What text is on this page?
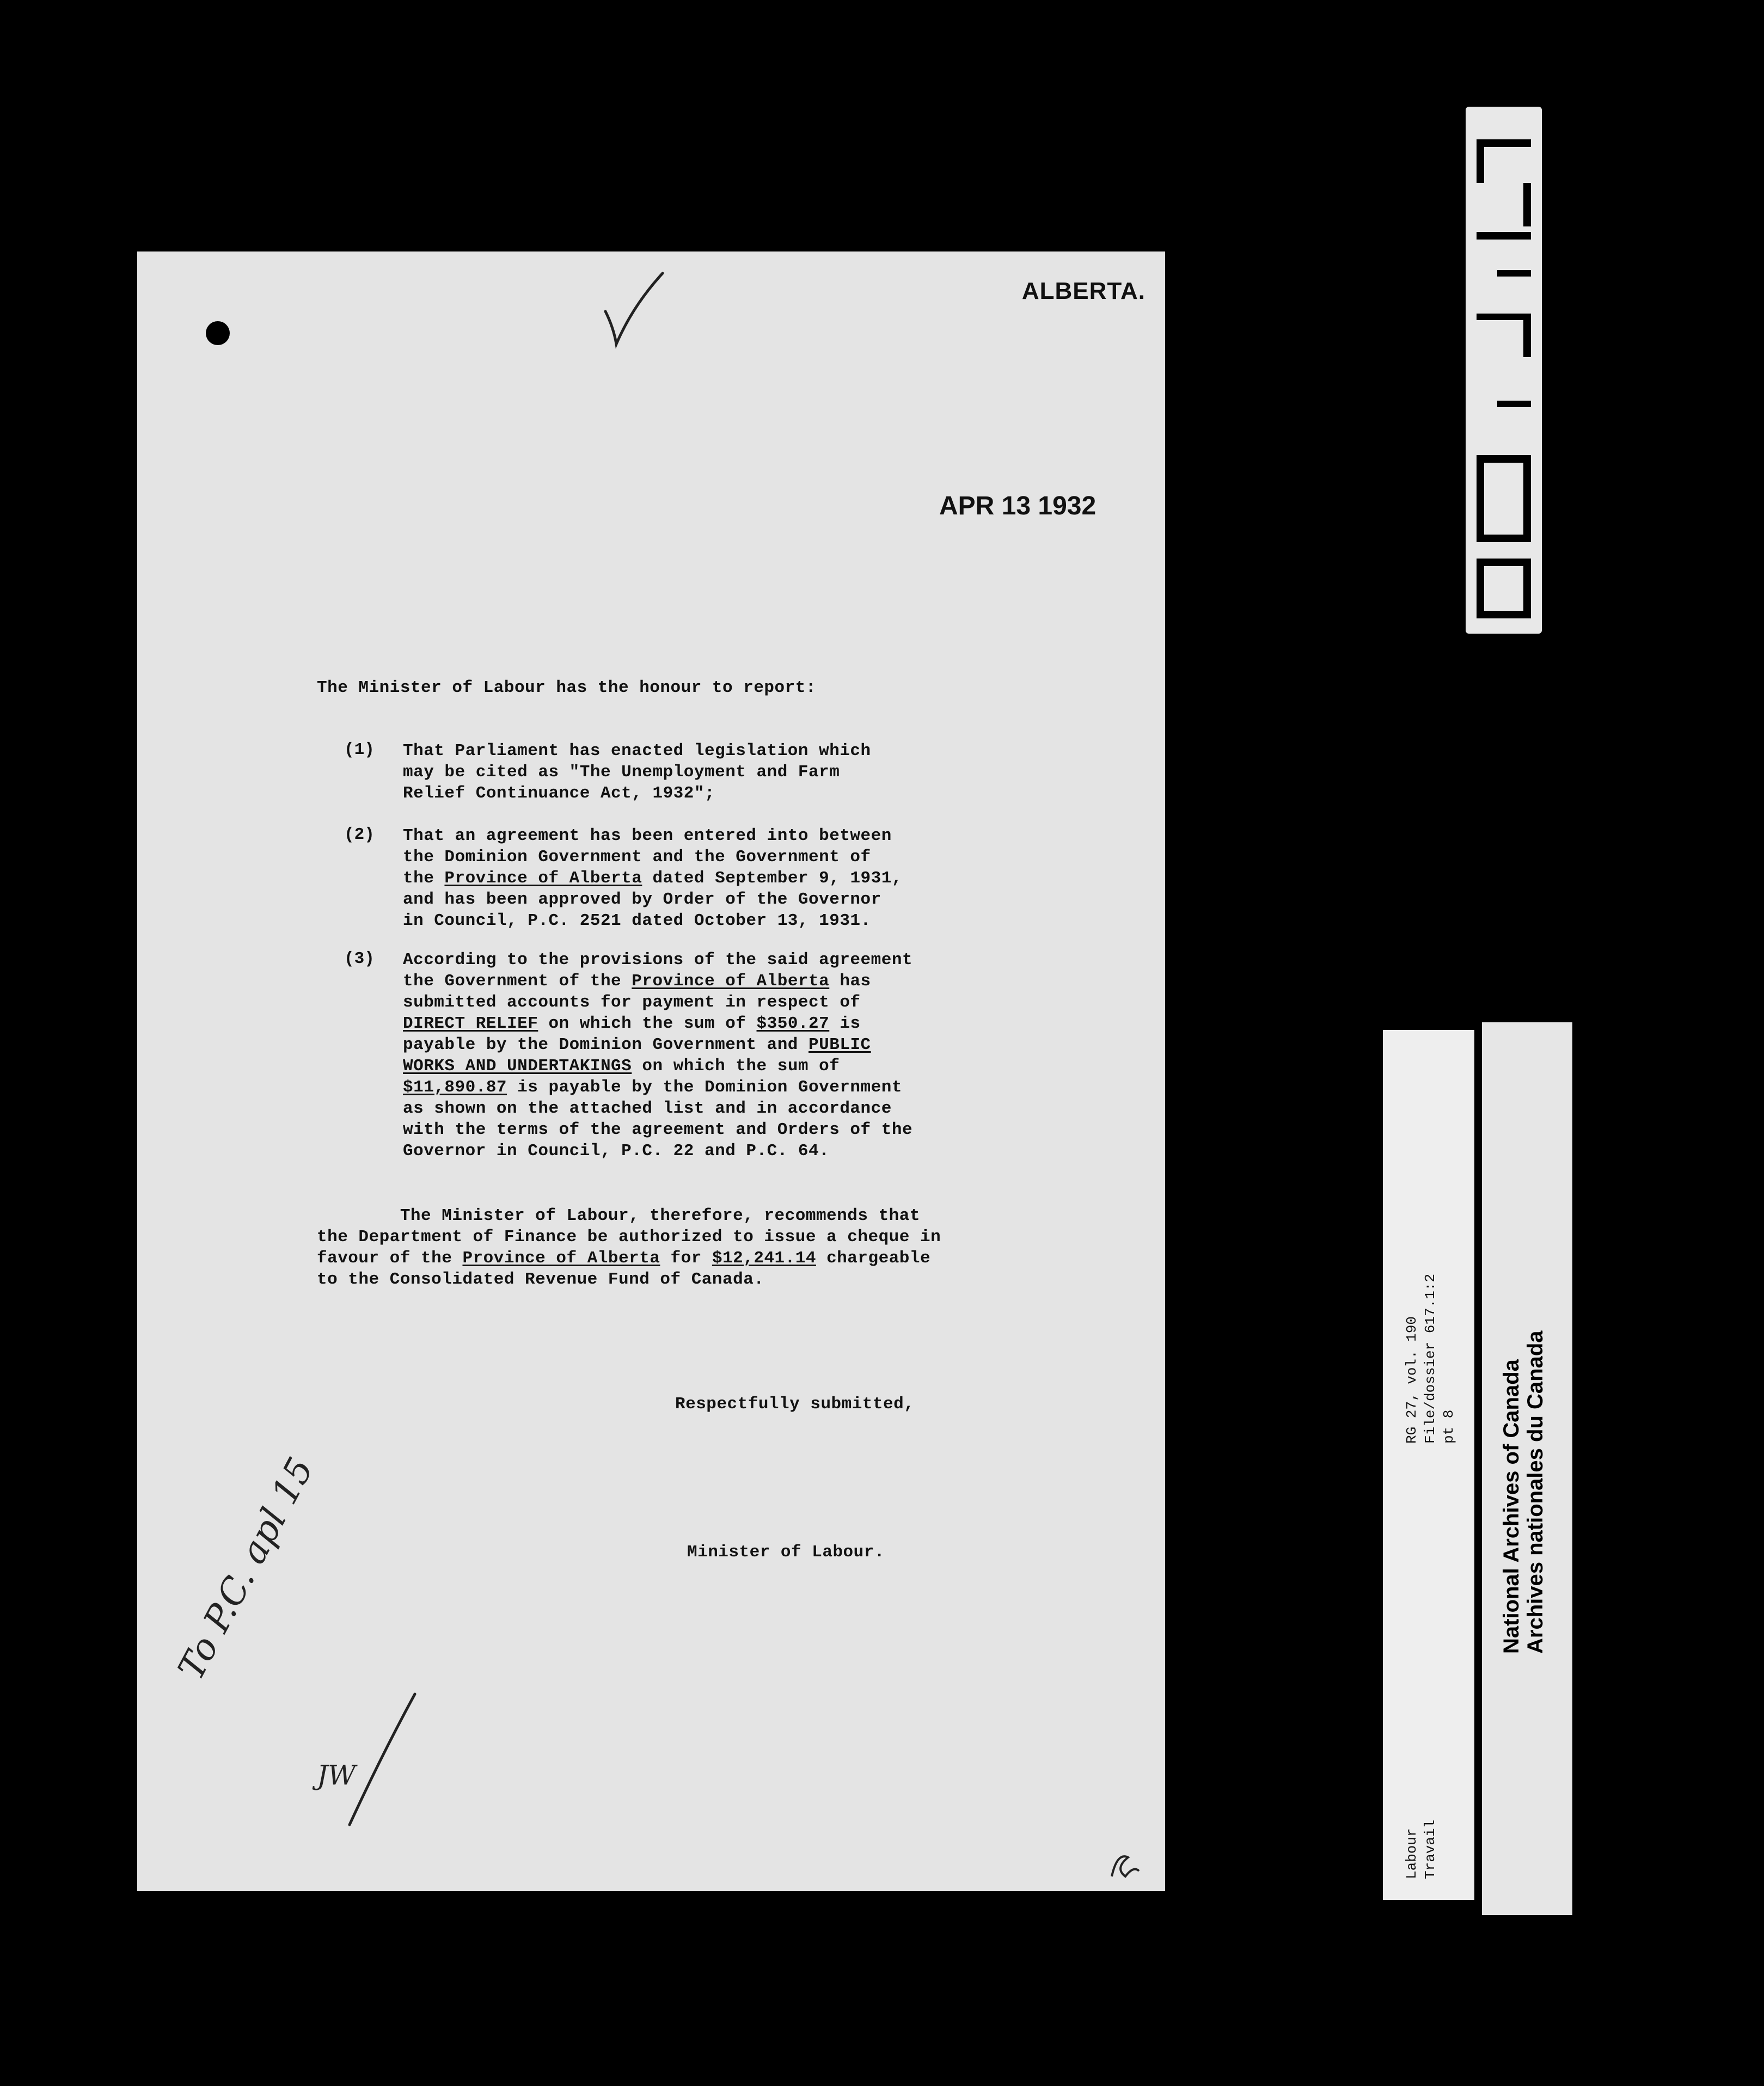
ALBERTA.
APR 13 1932
The Minister of Labour has the honour to report:
(1) That Parliament has enacted legislation which
may be cited as "The Unemployment and Farm
Relief Continuance Act, 1932";
(2) That an agreement has been entered into between
the Dominion Government and the Government of
the Province of Alberta dated September 9, 1931,
and has been approved by Order of the Governor
in Council, P.C. 2521 dated October 13, 1931.
(3) According to the provisions of the said agreement
the Government of the Province of Alberta has
submitted accounts for payment in respect of
DIRECT RELIEF on which the sum of $350.27 is
payable by the Dominion Government and PUBLIC
WORKS AND UNDERTAKINGS on which the sum of
$11,890.87 is payable by the Dominion Government
as shown on the attached list and in accordance
with the terms of the agreement and Orders of the
Governor in Council, P.C. 22 and P.C. 64.
The Minister of Labour, therefore, recommends that
the Department of Finance be authorized to issue a cheque in
favour of the Province of Alberta for $12,241.14 chargeable
to the Consolidated Revenue Fund of Canada.
Respectfully submitted,
Minister of Labour.
To P.C. apl 15
JW
RG 27, vol. 190 File/dossier 617.1:2 pt 8
Labour Travail
National Archives of Canada
Archives nationales du Canada
